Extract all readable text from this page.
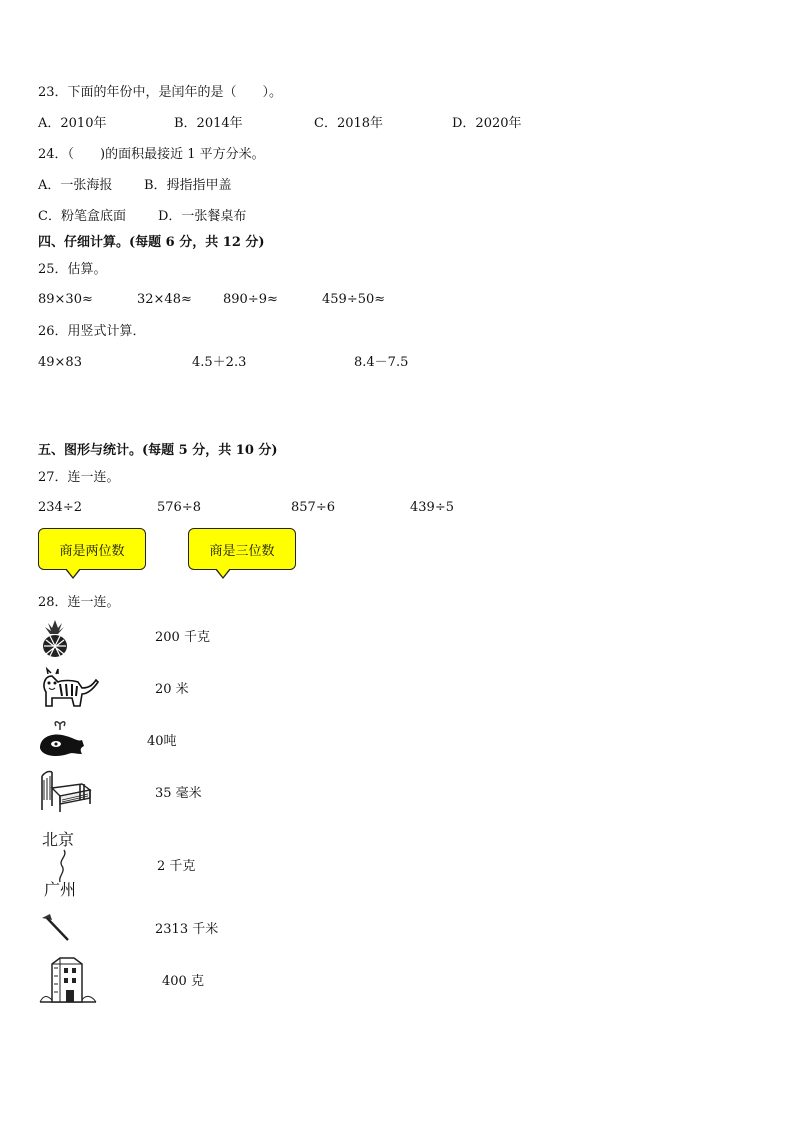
23．下面的年份中，是闰年的是（　　）。
A．2010年	B．2014年	C．2018年	D．2020年
24．（　　)的面积最接近 1 平方分米。
A．一张海报 B．拇指指甲盖
C．粉笔盒底面 D．一张餐桌布
四、仔细计算。(每题 6 分，共 12 分)
25．估算。
89×30≈	32×48≈ 890÷9≈	459÷50≈
26．用竖式计算．
49×83	4.5＋2.3	8.4－7.5
五、图形与统计。(每题 5 分，共 10 分)
27．连一连。
234÷2	576÷8	857÷6	439÷5
商是两位数	商是三位数
28．连一连。
200 千克
20 米
40吨
35 毫米
北京
广州
2 千克
2313 千米
400 克
